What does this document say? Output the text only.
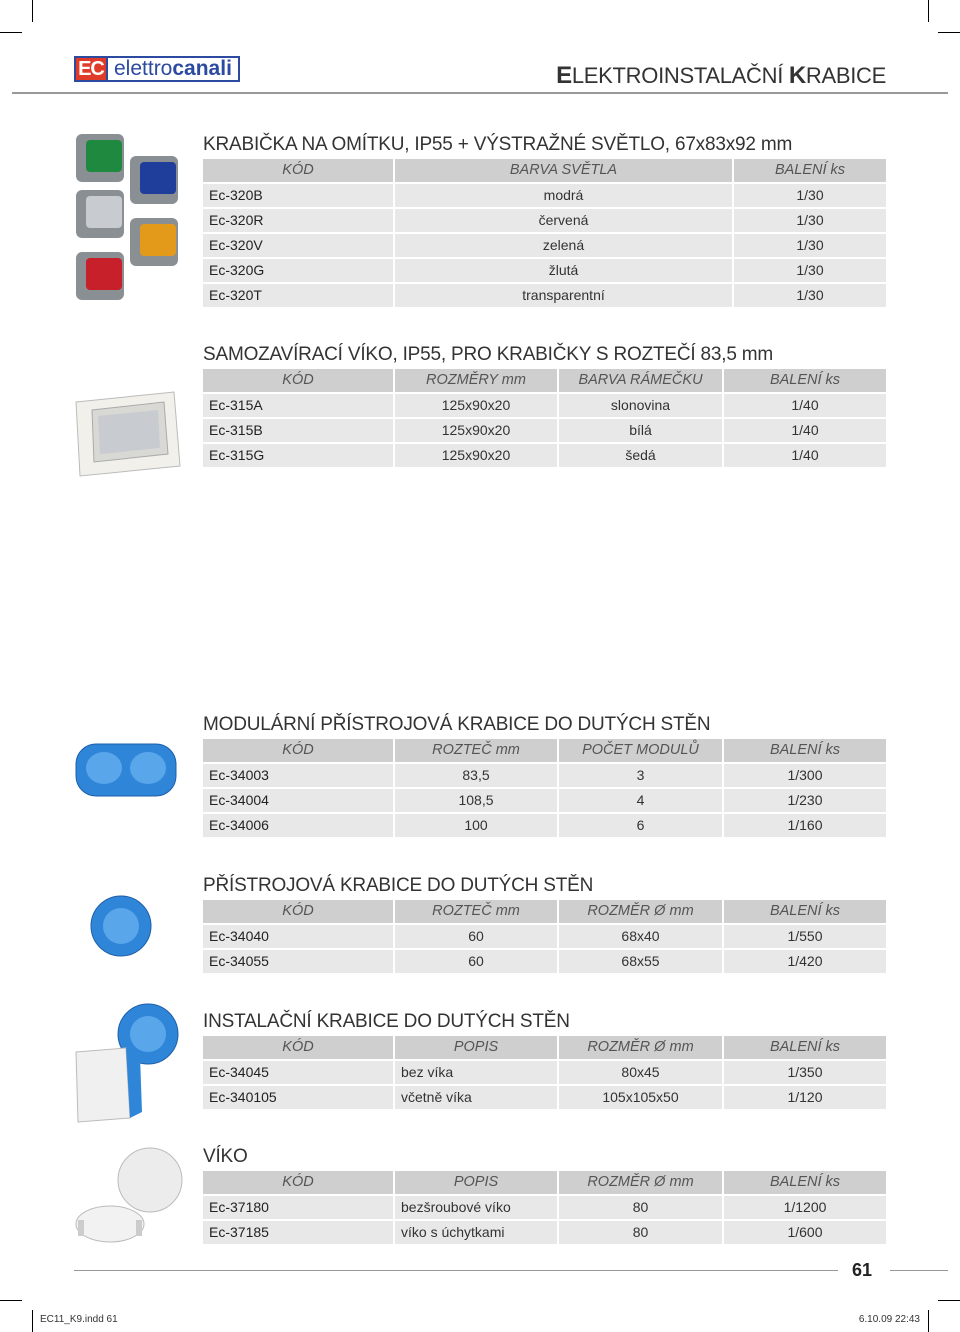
EC elettro canali	ELEKTROINSTALAČNÍ KRABICE
KRABIČKA NA OMÍTKU, IP55 + VÝSTRAŽNÉ SVĚTLO, 67x83x92 mm
KÓD	BARVA SVĚTLA	BALENÍ ks
Ec-320B	modrá	1/30
Ec-320R	červená	1/30
Ec-320V	zelená	1/30
Ec-320G	žlutá	1/30
Ec-320T	transparentní	1/30
SAMOZAVÍRACÍ VÍKO, IP55, PRO KRABIČKY S ROZTEČÍ 83,5 mm
KÓD	ROZMĚRY mm	BARVA RÁMEČKU	BALENÍ ks
Ec-315A	125x90x20	slonovina	1/40
Ec-315B	125x90x20	bílá	1/40
Ec-315G	125x90x20	šedá	1/40
MODULÁRNÍ PŘÍSTROJOVÁ KRABICE DO DUTÝCH STĚN
KÓD	ROZTEČ mm	POČET MODULŮ	BALENÍ ks
Ec-34003	83,5	3	1/300
Ec-34004	108,5	4	1/230
Ec-34006	100	6	1/160
PŘÍSTROJOVÁ KRABICE DO DUTÝCH STĚN
KÓD	ROZTEČ mm	ROZMĚR Ø mm	BALENÍ ks
Ec-34040	60	68x40	1/550
Ec-34055	60	68x55	1/420
INSTALAČNÍ KRABICE DO DUTÝCH STĚN
KÓD	POPIS	ROZMĚR Ø mm	BALENÍ ks
Ec-34045	bez víka	80x45	1/350
Ec-340105	včetně víka	105x105x50	1/120
VÍKO
KÓD	POPIS	ROZMĚR Ø mm	BALENÍ ks
Ec-37180	bezšroubové víko	80	1/1200
Ec-37185	víko s úchytkami	80	1/600
61
EC11_K9.indd 61	6.10.09 22:43
